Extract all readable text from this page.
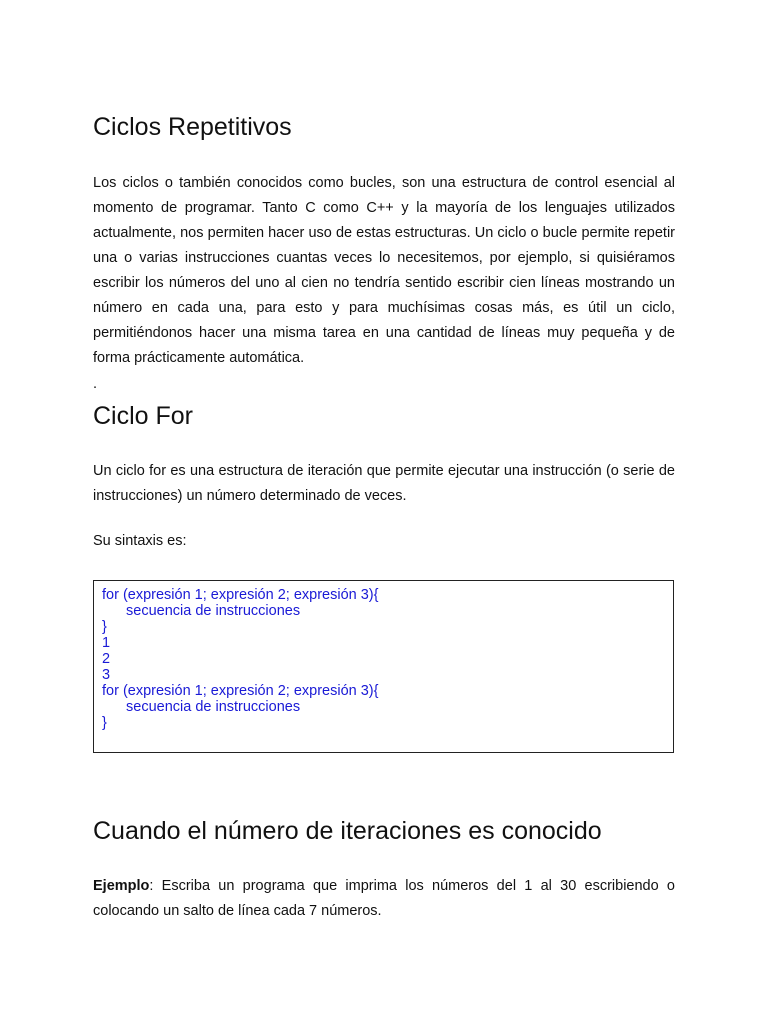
Ciclos Repetitivos

Los ciclos o también conocidos como bucles, son una estructura de control esencial al momento de programar. Tanto C como C++ y la mayoría de los lenguajes utilizados actualmente, nos permiten hacer uso de estas estructuras. Un ciclo o bucle permite repetir una o varias instrucciones cuantas veces lo necesitemos, por ejemplo, si quisiéramos escribir los números del uno al cien no tendría sentido escribir cien líneas mostrando un número en cada una, para esto y para muchísimas cosas más, es útil un ciclo, permitiéndonos hacer una misma tarea en una cantidad de líneas muy pequeña y de forma prácticamente automática.

.
Ciclo For

Un ciclo for es una estructura de iteración que permite ejecutar una instrucción (o serie de instrucciones) un número determinado de veces.

Su sintaxis es:

for (expresión 1; expresión 2; expresión 3){
secuencia de instrucciones
}
1
2
3
for (expresión 1; expresión 2; expresión 3){
secuencia de instrucciones
}
Cuando el número de iteraciones es conocido

Ejemplo: Escriba un programa que imprima los números del 1 al 30 escribiendo o colocando un salto de línea cada 7 números.
